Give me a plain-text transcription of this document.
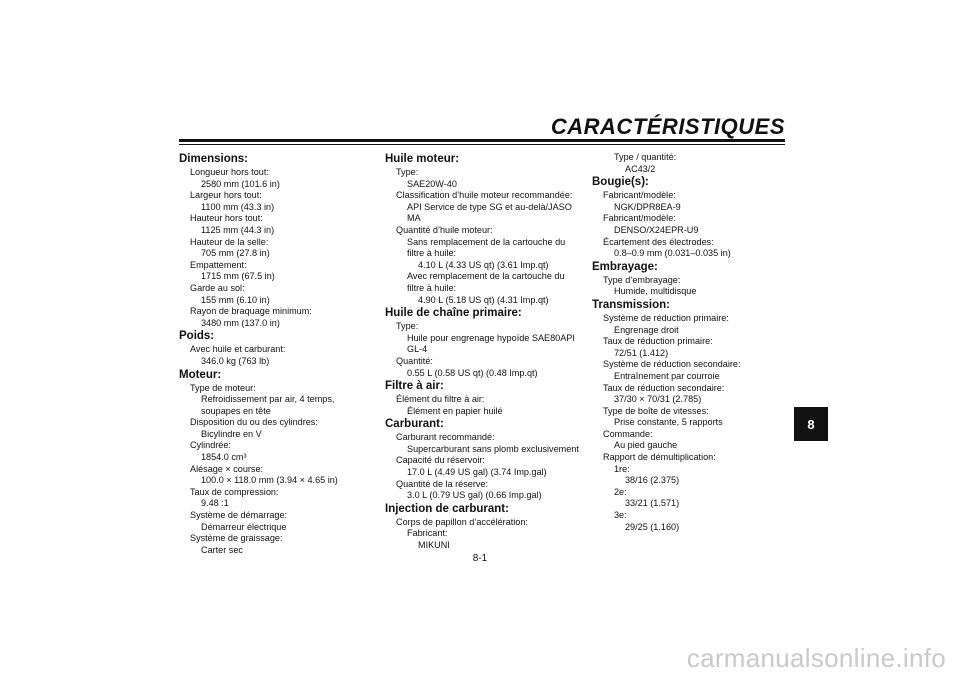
CARACTÉRISTIQUES
Dimensions:
Longueur hors tout:
2580 mm (101.6 in)
Largeur hors tout:
1100 mm (43.3 in)
Hauteur hors tout:
1125 mm (44.3 in)
Hauteur de la selle:
705 mm (27.8 in)
Empattement:
1715 mm (67.5 in)
Garde au sol:
155 mm (6.10 in)
Rayon de braquage minimum:
3480 mm (137.0 in)
Poids:
Avec huile et carburant:
346.0 kg (763 lb)
Moteur:
Type de moteur:
Refroidissement par air, 4 temps,
soupapes en tête
Disposition du ou des cylindres:
Bicylindre en V
Cylindrée:
1854.0 cm³
Alésage × course:
100.0 × 118.0 mm (3.94 × 4.65 in)
Taux de compression:
9.48 :1
Système de démarrage:
Démarreur électrique
Système de graissage:
Carter sec
Huile moteur:
Type:
SAE20W-40
Classification d’huile moteur recommandée:
API Service de type SG et au-delà/JASO
MA
Quantité d’huile moteur:
Sans remplacement de la cartouche du
filtre à huile:
4.10 L (4.33 US qt) (3.61 Imp.qt)
Avec remplacement de la cartouche du
filtre à huile:
4.90 L (5.18 US qt) (4.31 Imp.qt)
Huile de chaîne primaire:
Type:
Huile pour engrenage hypoïde SAE80API
GL-4
Quantité:
0.55 L (0.58 US qt) (0.48 Imp.qt)
Filtre à air:
Élément du filtre à air:
Élément en papier huilé
Carburant:
Carburant recommandé:
Supercarburant sans plomb exclusivement
Capacité du réservoir:
17.0 L (4.49 US gal) (3.74 Imp.gal)
Quantité de la réserve:
3.0 L (0.79 US gal) (0.66 Imp.gal)
Injection de carburant:
Corps de papillon d’accélération:
Fabricant:
MIKUNI
Type / quantité:
AC43/2
Bougie(s):
Fabricant/modèle:
NGK/DPR8EA-9
Fabricant/modèle:
DENSO/X24EPR-U9
Écartement des électrodes:
0.8–0.9 mm (0.031–0.035 in)
Embrayage:
Type d’embrayage:
Humide, multidisque
Transmission:
Système de réduction primaire:
Engrenage droit
Taux de réduction primaire:
72/51 (1.412)
Système de réduction secondaire:
Entraînement par courroie
Taux de réduction secondaire:
37/30 × 70/31 (2.785)
Type de boîte de vitesses:
Prise constante, 5 rapports
Commande:
Au pied gauche
Rapport de démultiplication:
1re:
38/16 (2.375)
2e:
33/21 (1.571)
3e:
29/25 (1.160)
8
8-1
carmanualsonline.info
